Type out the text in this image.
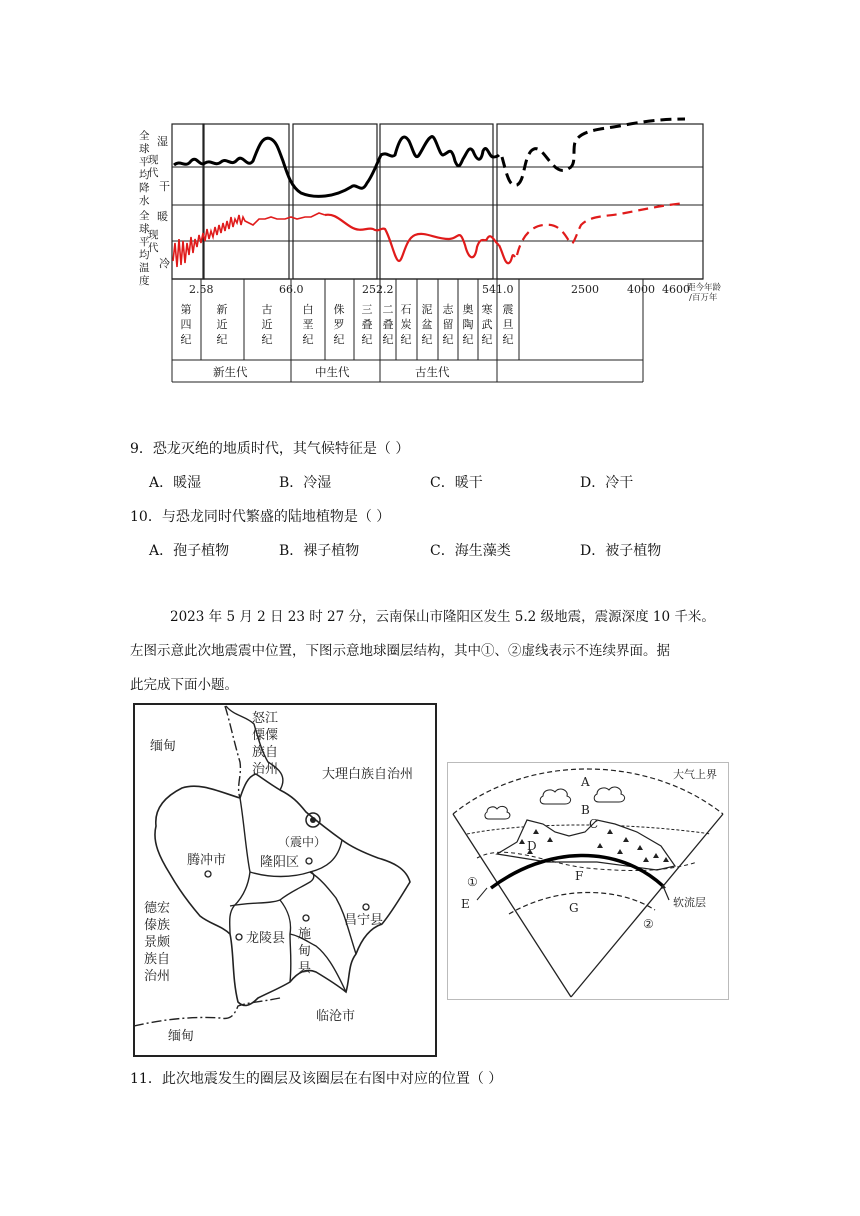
全
球
平
均
降
水
全
球
平
均
温
度
湿
干
暖
冷
现
代
现
代
2.58	66.0	252.2	541.0	2500	4000 4600
距今年龄
/百万年
第
四
纪
新
近
纪
古
近
纪
白
垩
纪
侏
罗
纪
三
叠
纪
二
叠
纪
石
炭
纪
泥
盆
纪
志
留
纪
奥
陶
纪
寒
武
纪
震
旦
纪
新生代	中生代	古生代
9．恐龙灭绝的地质时代，其气候特征是（ ）
A．暖湿	B．冷湿	C．暖干	D．冷干
10．与恐龙同时代繁盛的陆地植物是（ ）
A．孢子植物	B．裸子植物	C．海生藻类	D．被子植物
2023 年 5 月 2 日 23 时 27 分，云南保山市隆阳区发生 5.2 级地震，震源深度 10 千米。
左图示意此次地震震中位置，下图示意地球圈层结构，其中①、②虚线表示不连续界面。据
此完成下面小题。
缅甸
怒江
傈僳
族自
治州	大理白族自治州
（震中）
隆阳区
腾冲市
德宏
傣族
景颇
族自
治州
龙陵县 施
甸
县
昌宁县
临沧市
缅甸
A
B
C
D
E
F
G
大气上界
软流层
①
②
11．此次地震发生的圈层及该圈层在右图中对应的位置（ ）
